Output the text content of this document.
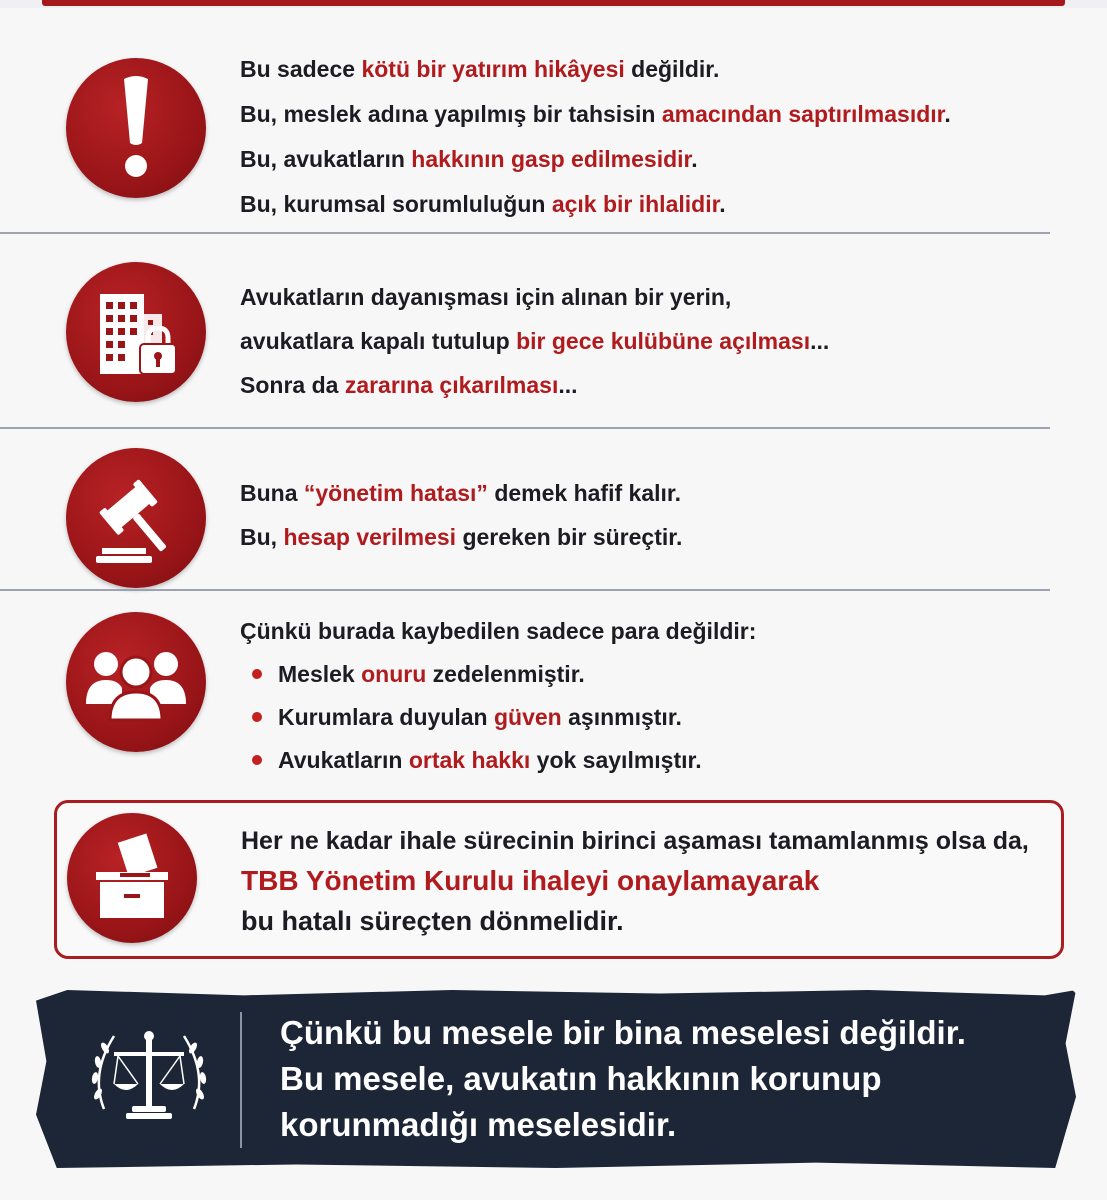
Bu sadece kötü bir yatırım hikâyesi değildir.
Bu, meslek adına yapılmış bir tahsisin amacından saptırılmasıdır.
Bu, avukatların hakkının gasp edilmesidir.
Bu, kurumsal sorumluluğun açık bir ihlalidir.
Avukatların dayanışması için alınan bir yerin,
avukatlara kapalı tutulup bir gece kulübüne açılması...
Sonra da zararına çıkarılması...
Buna “yönetim hatası” demek hafif kalır.
Bu, hesap verilmesi gereken bir süreçtir.
Çünkü burada kaybedilen sadece para değildir:
Meslek onuru zedelenmiştir.
Kurumlara duyulan güven aşınmıştır.
Avukatların ortak hakkı yok sayılmıştır.
Her ne kadar ihale sürecinin birinci aşaması tamamlanmış olsa da,
TBB Yönetim Kurulu ihaleyi onaylamayarak
bu hatalı süreçten dönmelidir.
Çünkü bu mesele bir bina meselesi değildir.
Bu mesele, avukatın hakkının korunup
korunmadığı meselesidir.
